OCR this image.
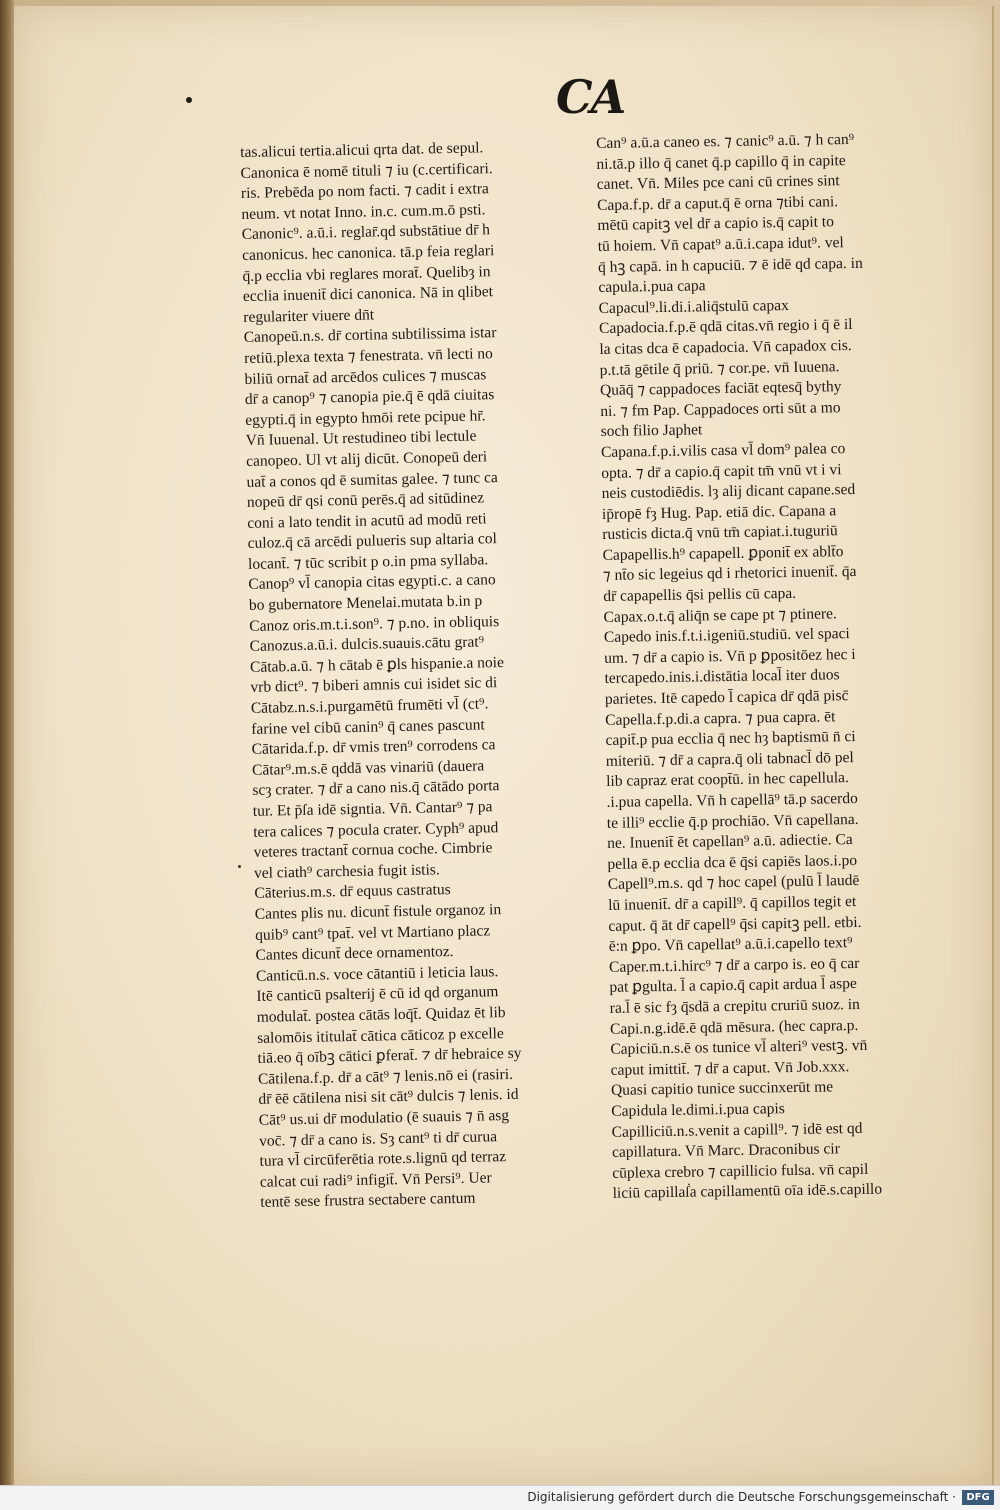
CA
tas.alicui tertia.alicui qrta dat. de sepul.
Canonica ē nomē tituli ⁊ iu (c.certificari.
ris. Prebēda po nom facti. ⁊ cadit i extra
neum. vt notat Inno. in.c. cum.m.ō psti.
Canonic⁹. a.ū.i. reglar̄.qd substātiue dr̄ h
canonicus. hec canonica. tā.p feia reglari
q̄.p ecclia vbi reglares morat̄. Quelibȝ in
ecclia inuenit̄ dici canonica. Nā in qlibet
regulariter viuere dn̄t
Canopeū.n.s. dr̄ cortina subtilissima istar
retiū.plexa texta ⁊ fenestrata. vn̄ lecti no
biliū ornat̄ ad arcēdos culices ⁊ muscas
dr̄ a canop⁹ ⁊ canopia pie.q̄ ē qdā ciuitas
egypti.q̄ in egypto hmōi rete pcipue hr̄.
Vn̄ Iuuenal. Ut restudineo tibi lectule
canopeo. Ul vt alij dicūt. Conopeū deri
uat̄ a conos qd ē sumitas galee. ⁊ tunc ca
nopeū dr̄ qsi conū perēs.q̄ ad sitūdinez
coni a lato tendit in acutū ad modū reti
culoz.q̄ cā arcēdi pulueris sup altaria col
locant̄. ⁊ tūc scribit p o.in pma syllaba.
Canop⁹ vl̄ canopia citas egypti.c. a cano
bo gubernatore Menelai.mutata b.in p
Canoz oris.m.t.i.son⁹. ⁊ p.no. in obliquis
Canozus.a.ū.i. dulcis.suauis.cātu grat⁹
Cātab.a.ū. ⁊ h cātab ē ꝑls hispanie.a noie
vrb dict⁹. ⁊ biberi amnis cui isidet sic di
Cātabz.n.s.i.purgamētū frumēti vl̄ (ct⁹.
farine vel cibū canin⁹ q̄ canes pascunt
Cātarida.f.p. dr̄ vmis tren⁹ corrodens ca
Cātar⁹.m.s.ē qddā vas vinariū (dauera
scȝ crater. ⁊ dr̄ a cano nis.q̄ cātādo porta
tur. Et p̄ſa idē signtia. Vn̄. Cantar⁹ ⁊ pa
tera calices ⁊ pocula crater. Cyph⁹ apud
veteres tractant̄ cornua coche. Cimbrie
vel ciath⁹ carchesia fugit istis.
Cāterius.m.s. dr̄ equus castratus
Cantes plis nu. dicunt̄ fistule organoz in
quib⁹ cant⁹ tpat̄. vel vt Martiano placz
Cantes dicunt̄ dece ornamentoz.
Canticū.n.s. voce cātantiū i leticia laus.
Itē canticū psalterij ē cū id qd organum
modulat̄. postea cātās loq̄t̄. Quidaz ēt lib
salomōis ititulat̄ cātica cāticoz p excelle
tiā.eo q̄ oībꝫ cātici ꝑferat̄. ⁊ dr̄ hebraice sy
Cātilena.f.p. dr̄ a cāt⁹ ⁊ lenis.nō ei (rasiri.
dr̄ ēē cātilena nisi sit cāt⁹ dulcis ⁊ lenis. id
Cāt⁹ us.ui dr̄ modulatio (ē suauis ⁊ n̄ asg
voc̄. ⁊ dr̄ a cano is. Sȝ cant⁹ ti dr̄ curua
tura vl̄ circūferētia rote.s.lignū qd terraz
calcat cui radi⁹ infigit̄. Vn̄ Persi⁹. Uer
tentē sese frustra sectabere cantum
Can⁹ a.ū.a caneo es. ⁊ canic⁹ a.ū. ⁊ h can⁹
ni.tā.p illo q̄ canet q̄.p capillo q̄ in capite
canet. Vn̄. Miles pce cani cū crines sint
Capa.f.p. dr̄ a caput.q̄ ē orna ⁊tibi cani.
mētū capitꝫ vel dr̄ a capio is.q̄ capit to
tū hoiem. Vn̄ capat⁹ a.ū.i.capa idut⁹. vel
q̄ hꝫ capā. in h capuciū. ⁊ ē idē qd capa. in
capula.i.pua capa
Capacul⁹.li.di.i.aliq̄stulū capax
Capadocia.f.p.ē qdā citas.vn̄ regio i q̄ ē il
la citas dca ē capadocia. Vn̄ capadox cis.
p.t.tā gētile q̄ priū. ⁊ cor.pe. vn̄ Iuuena.
Quāq̄ ⁊ cappadoces faciāt eqtesq̄ bythy
ni. ⁊ fm Pap. Cappadoces orti sūt a mo
soch filio Japhet
Capana.f.p.i.vilis casa vl̄ dom⁹ palea co
opta. ⁊ dr̄ a capio.q̄ capit tm̄ vnū vt i vi
neis custodiēdis. lȝ alij dicant capane.sed
ip̄ropē fȝ Hug. Pap. etiā dic. Capana a
rusticis dicta.q̄ vnū tm̄ capiat.i.tuguriū
Capapellis.h⁹ capapell. ꝑponit̄ ex ablt̄o
⁊ nt̄o sic legeius qd i rhetorici inuenit̄. q̄a
dr̄ capapellis q̄si pellis cū capa.
Capax.o.t.q̄ aliq̄n se cape pt ⁊ ptinere.
Capedo inis.f.t.i.igeniū.studiū. vel spaci
um. ⁊ dr̄ a capio is. Vn̄ p ꝑpositōez hec i
tercapedo.inis.i.distātia local̄ iter duos
parietes. Itē capedo l̄ capica dr̄ qdā pisc̄
Capella.f.p.di.a capra. ⁊ pua capra. ēt
capit̄.p pua ecclia q̄ nec hȝ baptismū n̄ ci
miteriū. ⁊ dr̄ a capra.q̄ oli tabnacl̄ dō pel
lib capraz erat coopt̄ū. in hec capellula.
.i.pua capella. Vn̄ h capellā⁹ tā.p sacerdo
te illi⁹ ecclie q̄.p prochiāo. Vn̄ capellana.
ne. Inuenit̄ ēt capellan⁹ a.ū. adiectie. Ca
pella ē.p ecclia dca ē q̄si capiēs laos.i.po
Capell⁹.m.s. qd ⁊ hoc capel (pulū l̄ laudē
lū inuenit̄. dr̄ a capill⁹. q̄ capillos tegit et
caput. q̄ āt dr̄ capell⁹ q̄si capitꝫ pell. etbi.
ē:n ꝑpo. Vn̄ capellat⁹ a.ū.i.capello text⁹
Caper.m.t.i.hirc⁹ ⁊ dr̄ a carpo is. eo q̄ car
pat ꝑgulta. l̄ a capio.q̄ capit ardua l̄ aspe
ra.l̄ ē sic fȝ q̄sdā a crepitu cruriū suoz. in
Capi.n.g.idē.ē qdā mēsura. (hec capra.p.
Capiciū.n.s.ē os tunice vl̄ alteri⁹ vestꝫ. vn̄
caput imittit̄. ⁊ dr̄ a caput. Vn̄ Job.xxx.
Quasi capitio tunice succinxerūt me
Capidula le.dimi.i.pua capis
Capilliciū.n.s.venit a capill⁹. ⁊ idē est qd
capillatura. Vn̄ Marc. Draconibus cir
cūplexa crebro ⁊ capillicio fulsa. vn̄ capil
liciū capillaẛa capillamentū oīa idē.s.capillo
Digitalisierung gefördert durch die Deutsche Forschungsgemeinschaft ·	DFG
